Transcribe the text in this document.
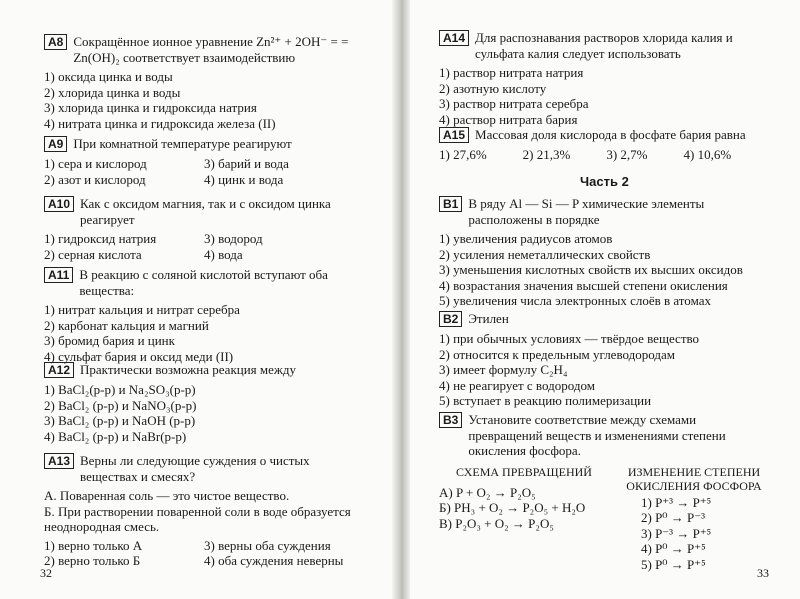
A8 Сокращённое ионное уравнение Zn²⁺ + 2OH⁻ = = Zn(OH)₂ соответствует взаимодействию
1) оксида цинка и воды
2) хлорида цинка и воды
3) хлорида цинка и гидроксида натрия
4) нитрата цинка и гидроксида железа (II)
A9 При комнатной температуре реагируют
1) сера и кислород	3) барий и вода
2) азот и кислород	4) цинк и вода
A10 Как с оксидом магния, так и с оксидом цинка реагирует
1) гидроксид натрия	3) водород
2) серная кислота	4) вода
A11 В реакцию с соляной кислотой вступают оба вещества:
1) нитрат кальция и нитрат серебра
2) карбонат кальция и магний
3) бромид бария и цинк
4) сульфат бария и оксид меди (II)
A12 Практически возможна реакция между
1) BaCl₂(р-р) и Na₂SO₃(р-р)
2) BaCl₂ (р-р) и NaNO₃(р-р)
3) BaCl₂ (р-р) и NaOH (р-р)
4) BaCl₂ (р-р) и NaBr(р-р)
A13 Верны ли следующие суждения о чистых веществах и смесях?
А. Поваренная соль — это чистое вещество.
Б. При растворении поваренной соли в воде образуется неоднородная смесь.
1) верно только А	3) верны оба суждения
2) верно только Б	4) оба суждения неверны
32
A14 Для распознавания растворов хлорида калия и сульфата калия следует использовать
1) раствор нитрата натрия
2) азотную кислоту
3) раствор нитрата серебра
4) раствор нитрата бария
A15 Массовая доля кислорода в фосфате бария равна
1) 27,6%	2) 21,3%	3) 2,7%	4) 10,6%
Часть 2
B1 В ряду Al — Si — P химические элементы расположены в порядке
1) увеличения радиусов атомов
2) усиления неметаллических свойств
3) уменьшения кислотных свойств их высших оксидов
4) возрастания значения высшей степени окисления
5) увеличения числа электронных слоёв в атомах
B2 Этилен
1) при обычных условиях — твёрдое вещество
2) относится к предельным углеводородам
3) имеет формулу C₂H₄
4) не реагирует с водородом
5) вступает в реакцию полимеризации
B3 Установите соответствие между схемами превращений веществ и изменениями степени окисления фосфора.
СХЕМА ПРЕВРАЩЕНИЙ
А) P + O₂ → P₂O₅
Б) PH₃ + O₂ → P₂O₅ + H₂O
В) P₂O₃ + O₂ → P₂O₅
ИЗМЕНЕНИЕ СТЕПЕНИ ОКИСЛЕНИЯ ФОСФОРА
1) P⁺³ → P⁺⁵
2) P⁰ → P⁻³
3) P⁻³ → P⁺⁵
4) P⁰ → P⁺⁵
5) P⁰ → P⁺⁵
33
